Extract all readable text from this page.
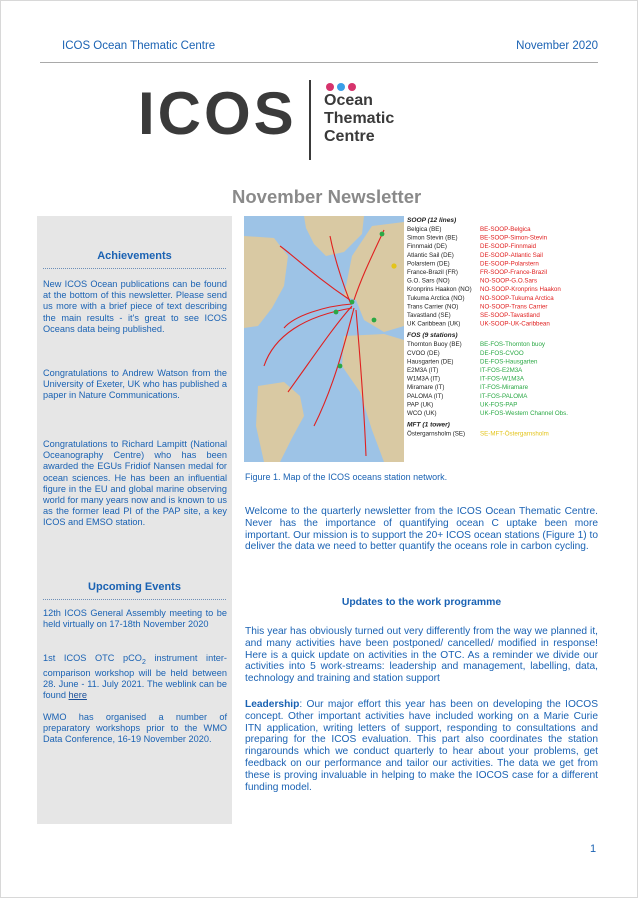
ICOS Ocean Thematic Centre	November 2020
ICOS Ocean
Thematic
Centre
November Newsletter
Achievements
New ICOS Ocean publications can be found at the bottom of this newsletter. Please send us more with a brief piece of text describing the main results - it's great to see ICOS Oceans data being published.
Congratulations to Andrew Watson from the University of Exeter, UK who has published a paper in Nature Communications.
Congratulations to Richard Lampitt (National Oceanography Centre) who has been awarded the EGUs Fridiof Nansen medal for ocean sciences. He has been an influential figure in the EU and global marine observing world for many years now and is known to us as the former lead PI of the PAP site, a key ICOS and EMSO station.
Upcoming Events
12th ICOS General Assembly meeting to be held virtually on 17-18th November 2020
1st ICOS OTC pCO$_2$ instrument inter-comparison workshop will be held between 28. June - 11. July 2021. The weblink can be found here
WMO has organised a number of preparatory workshops prior to the WMO Data Conference, 16-19 November 2020.
SOOP (12 lines)
Belgica (BE)	BE-SOOP-Belgica
Simon Stevin (BE)	BE-SOOP-Simon-Stevin
Finnmaid (DE)	DE-SOOP-Finnmaid
Atlantic Sail (DE)	DE-SOOP-Atlantic Sail
Polarstern (DE)	DE-SOOP-Polarstern
France-Brazil (FR)	FR-SOOP-France-Brazil
G.O. Sars (NO)	NO-SOOP-G.O.Sars
Kronprins Haakon (NO) NO-SOOP-Kronprins Haakon
Tukuma Arctica (NO) NO-SOOP-Tukuma Arctica
Trans Carrier (NO)	NO-SOOP-Trans Carrier
Tavastland (SE)	SE-SOOP-Tavastland
UK Caribbean (UK)	UK-SOOP-UK-Caribbean
FOS (9 stations)
Thornton Buoy (BE)	BE-FOS-Thornton buoy
CVOO (DE)	DE-FOS-CVOO
Hausgarten (DE)	DE-FOS-Hausgarten
E2M3A (IT)	IT-FOS-E2M3A
W1M3A (IT)	IT-FOS-W1M3A
Miramare (IT)	IT-FOS-Miramare
PALOMA (IT)	IT-FOS-PALOMA
PAP (UK)	UK-FOS-PAP
WCO (UK)	UK-FOS-Western Channel Obs.
MFT (1 tower)
Östergarnsholm (SE) SE-MFT-Östergarnsholm
Figure 1. Map of the ICOS oceans station network.
Welcome to the quarterly newsletter from the ICOS Ocean Thematic Centre. Never has the importance of quantifying ocean C uptake been more important. Our mission is to support the 20+ ICOS ocean stations (Figure 1) to deliver the data we need to better quantify the oceans role in carbon cycling.
Updates to the work programme
This year has obviously turned out very differently from the way we planned it, and many activities have been postponed/ cancelled/ modified in response! Here is a quick update on activities in the OTC. As a reminder we divide our activities into 5 work-streams: leadership and management, labelling, data, technology and training and station support
Leadership: Our major effort this year has been on developing the IOCOS concept. Other important activities have included working on a Marie Curie ITN application, writing letters of support, responding to consultations and preparing for the ICOS evaluation. This part also coordinates the station ringarounds which we conduct quarterly to hear about your problems, get feedback on our performance and tailor our activities. The data we get from these is proving invaluable in helping to make the IOCOS case for a different funding model.
1
